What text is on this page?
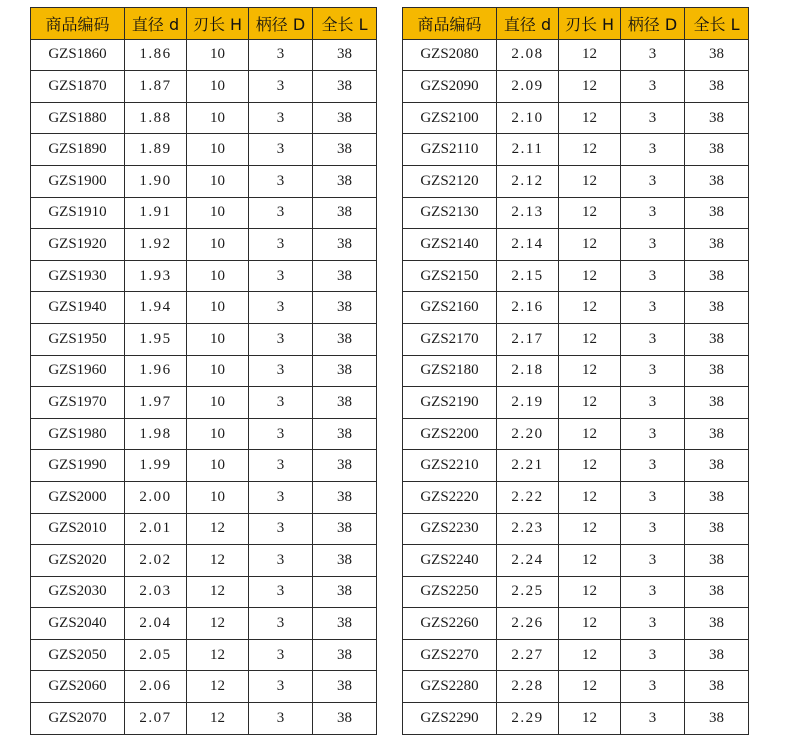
商品编码	直径 d	刃长 H	柄径 D	全长 L
GZS1860	1.86	10	3	38
GZS1870	1.87	10	3	38
GZS1880	1.88	10	3	38
GZS1890	1.89	10	3	38
GZS1900	1.90	10	3	38
GZS1910	1.91	10	3	38
GZS1920	1.92	10	3	38
GZS1930	1.93	10	3	38
GZS1940	1.94	10	3	38
GZS1950	1.95	10	3	38
GZS1960	1.96	10	3	38
GZS1970	1.97	10	3	38
GZS1980	1.98	10	3	38
GZS1990	1.99	10	3	38
GZS2000	2.00	10	3	38
GZS2010	2.01	12	3	38
GZS2020	2.02	12	3	38
GZS2030	2.03	12	3	38
GZS2040	2.04	12	3	38
GZS2050	2.05	12	3	38
GZS2060	2.06	12	3	38
GZS2070	2.07	12	3	38
商品编码	直径 d	刃长 H	柄径 D	全长 L
GZS2080	2.08	12	3	38
GZS2090	2.09	12	3	38
GZS2100	2.10	12	3	38
GZS2110	2.11	12	3	38
GZS2120	2.12	12	3	38
GZS2130	2.13	12	3	38
GZS2140	2.14	12	3	38
GZS2150	2.15	12	3	38
GZS2160	2.16	12	3	38
GZS2170	2.17	12	3	38
GZS2180	2.18	12	3	38
GZS2190	2.19	12	3	38
GZS2200	2.20	12	3	38
GZS2210	2.21	12	3	38
GZS2220	2.22	12	3	38
GZS2230	2.23	12	3	38
GZS2240	2.24	12	3	38
GZS2250	2.25	12	3	38
GZS2260	2.26	12	3	38
GZS2270	2.27	12	3	38
GZS2280	2.28	12	3	38
GZS2290	2.29	12	3	38
